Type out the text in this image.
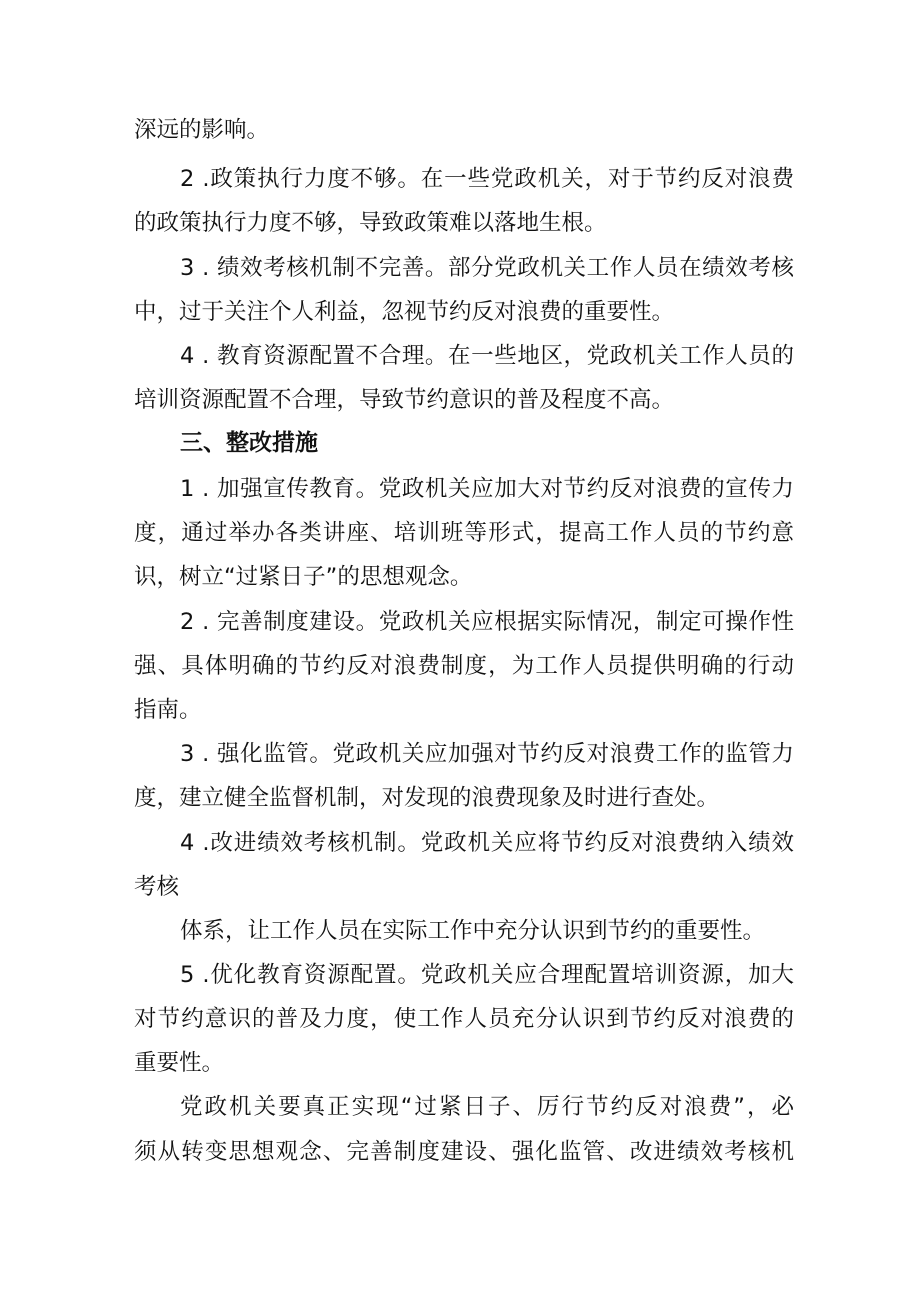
深远的影响。
2 .政策执行力度不够。在一些党政机关，对于节约反对浪费
的政策执行力度不够，导致政策难以落地生根。
3 . 绩效考核机制不完善。部分党政机关工作人员在绩效考核
中，过于关注个人利益，忽视节约反对浪费的重要性。
4 . 教育资源配置不合理。在一些地区，党政机关工作人员的
培训资源配置不合理，导致节约意识的普及程度不高。
三、整改措施
1 . 加强宣传教育。党政机关应加大对节约反对浪费的宣传力
度，通过举办各类讲座、培训班等形式，提高工作人员的节约意
识，树立“过紧日子”的思想观念。
2 . 完善制度建设。党政机关应根据实际情况，制定可操作性
强、具体明确的节约反对浪费制度，为工作人员提供明确的行动
指南。
3 . 强化监管。党政机关应加强对节约反对浪费工作的监管力
度，建立健全监督机制，对发现的浪费现象及时进行查处。
4 .改进绩效考核机制。党政机关应将节约反对浪费纳入绩效
考核
体系，让工作人员在实际工作中充分认识到节约的重要性。
5 .优化教育资源配置。党政机关应合理配置培训资源，加大
对节约意识的普及力度，使工作人员充分认识到节约反对浪费的
重要性。
党政机关要真正实现“过紧日子、厉行节约反对浪费”，必
须从转变思想观念、完善制度建设、强化监管、改进绩效考核机
